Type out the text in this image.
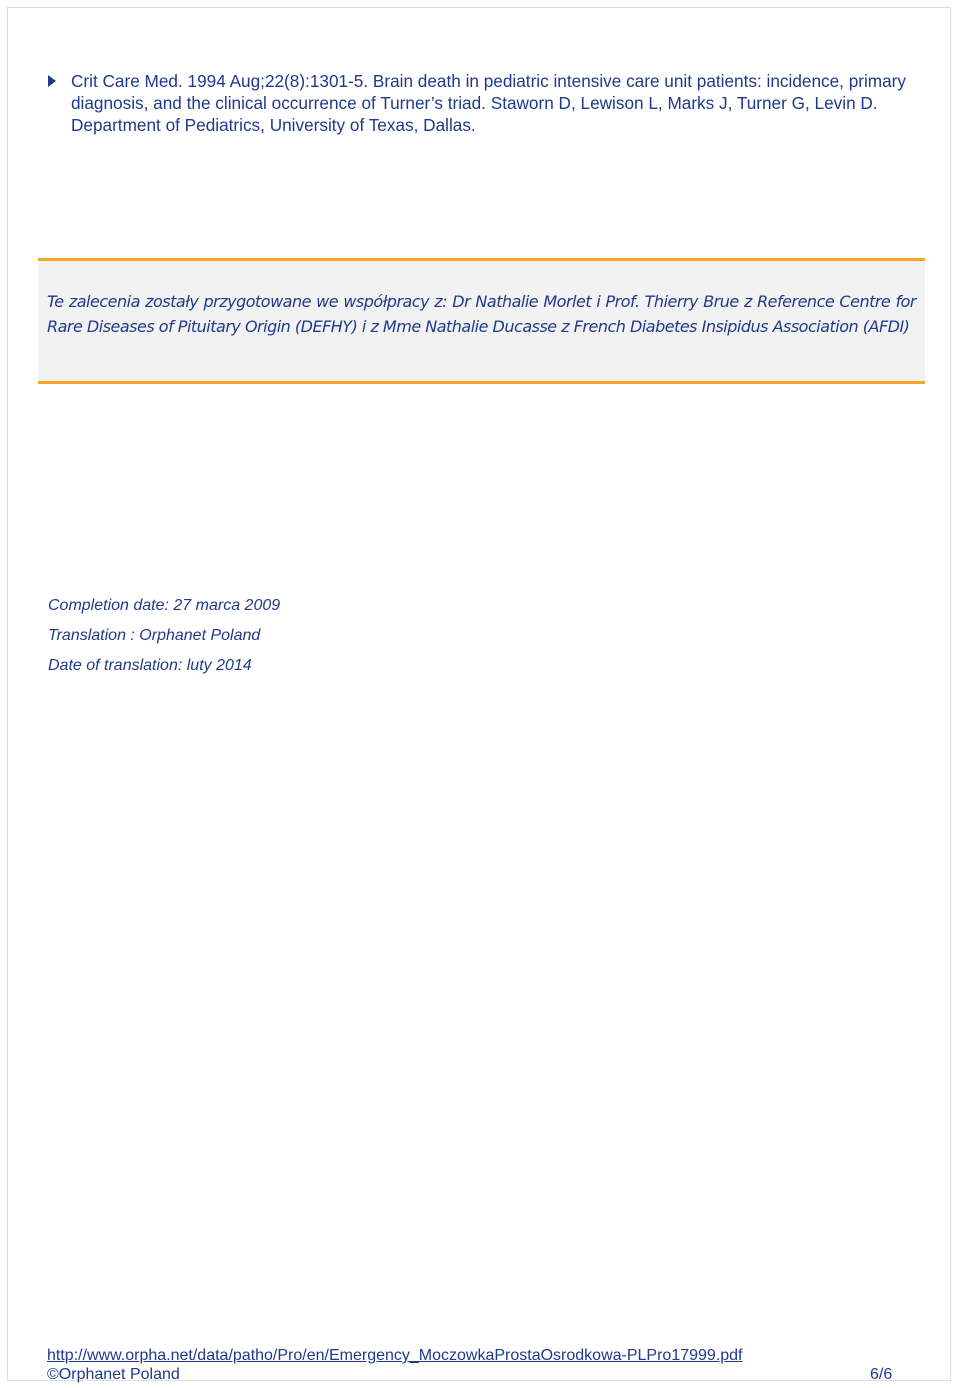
Crit Care Med. 1994 Aug;22(8):1301-5. Brain death in pediatric intensive care unit patients: incidence, primary diagnosis, and the clinical occurrence of Turner’s triad. Staworn D, Lewison L, Marks J, Turner G, Levin D. Department of Pediatrics, University of Texas, Dallas.
Te zalecenia zostały przygotowane we współpracy z: Dr Nathalie Morlet i Prof. Thierry Brue z Reference Centre for Rare Diseases of Pituitary Origin (DEFHY) i z Mme Nathalie Ducasse z French Diabetes Insipidus Association (AFDI)
Completion date: 27 marca 2009
Translation : Orphanet Poland
Date of translation: luty 2014
http://www.orpha.net/data/patho/Pro/en/Emergency_MoczowkaProstaOsrodkowa-PLPro17999.pdf
©Orphanet Poland	6/6
